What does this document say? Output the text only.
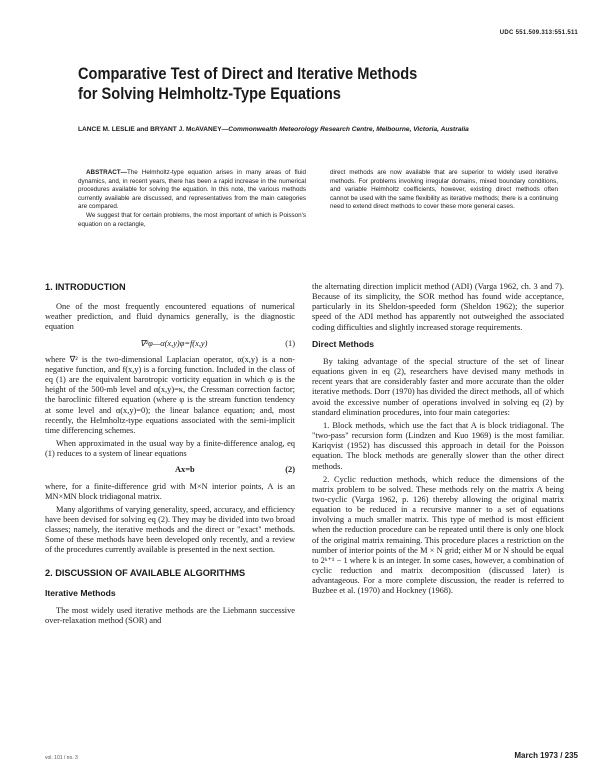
UDC 551.509.313:551.511
Comparative Test of Direct and Iterative Methods
for Solving Helmholtz-Type Equations
LANCE M. LESLIE and BRYANT J. McAVANEY—Commonwealth Meteorology Research Centre, Melbourne, Victoria, Australia

ABSTRACT—The Helmholtz-type equation arises in many areas of fluid dynamics, and, in recent years, there has been a rapid increase in the numerical procedures available for solving the equation. In this note, the various methods currently available are discussed, and representatives from the main categories are compared.

We suggest that for certain problems, the most important of which is Poisson's equation on a rectangle,

direct methods are now available that are superior to widely used iterative methods. For problems involving irregular domains, mixed boundary conditions, and variable Helmholtz coefficients, however, existing direct methods often cannot be used with the same flexibility as iterative methods; there is a continuing need to extend direct methods to cover these more general cases.

1. INTRODUCTION

One of the most frequently encountered equations of numerical weather prediction, and fluid dynamics generally, is the diagnostic equation

∇²φ—α(x,y)φ=f(x,y)	(1)

where ∇² is the two-dimensional Laplacian operator, α(x,y) is a non-negative function, and f(x,y) is a forcing function. Included in the class of eq (1) are the equivalent barotropic vorticity equation in which φ is the height of the 500-mb level and α(x,y)=κ, the Cressman correction factor; the baroclinic filtered equation (where φ is the stream function tendency at some level and α(x,y)=0); the linear balance equation; and, most recently, the Helmholtz-type equations associated with the semi-implicit time differencing schemes.

When approximated in the usual way by a finite-difference analog, eq (1) reduces to a system of linear equations

Ax=b	(2)

where, for a finite-difference grid with M×N interior points, A is an MN×MN block tridiagonal matrix.

Many algorithms of varying generality, speed, accuracy, and efficiency have been devised for solving eq (2). They may be divided into two broad classes; namely, the iterative methods and the direct or "exact" methods. Some of these methods have been developed only recently, and a review of the procedures currently available is presented in the next section.

2. DISCUSSION OF AVAILABLE ALGORITHMS
Iterative Methods

The most widely used iterative methods are the Liebmann successive over-relaxation method (SOR) and

the alternating direction implicit method (ADI) (Varga 1962, ch. 3 and 7). Because of its simplicity, the SOR method has found wide acceptance, particularly in its Sheldon-speeded form (Sheldon 1962); the superior speed of the ADI method has apparently not outweighed the associated coding difficulties and slightly increased storage requirements.

Direct Methods

By taking advantage of the special structure of the set of linear equations given in eq (2), researchers have devised many methods in recent years that are considerably faster and more accurate than the older iterative methods. Dorr (1970) has divided the direct methods, all of which avoid the excessive number of operations involved in solving eq (2) by standard elimination procedures, into four main categories:

1. Block methods, which use the fact that A is block tridiagonal. The "two-pass" recursion form (Lindzen and Kuo 1969) is the most familiar. Kariqvist (1952) has discussed this approach in detail for the Poisson equation. The block methods are generally slower than the other direct methods.

2. Cyclic reduction methods, which reduce the dimensions of the matrix problem to be solved. These methods rely on the matrix A being two-cyclic (Varga 1962, p. 126) thereby allowing the original matrix equation to be reduced in a recursive manner to a set of equations involving a much smaller matrix. This type of method is most efficient when the reduction procedure can be repeated until there is only one block of the original matrix remaining. This procedure places a restriction on the number of interior points of the M × N grid; either M or N should be equal to 2ᵏ⁺¹ − 1 where k is an integer. In some cases, however, a combination of cyclic reduction and matrix decomposition (discussed later) is advantageous. For a more complete discussion, the reader is referred to Buzbee et al. (1970) and Hockney (1968).

vol. 101 / no. 3	March 1973 / 235
